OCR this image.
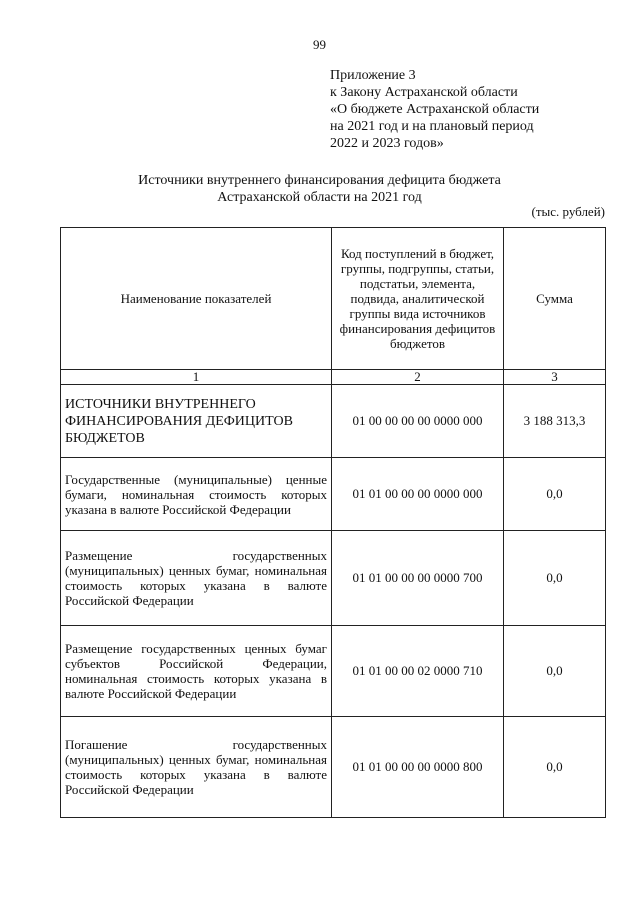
99
Приложение 3
к Закону Астраханской области
«О бюджете Астраханской области
на 2021 год и на плановый период
2022 и 2023 годов»
Источники внутреннего финансирования дефицита бюджета
Астраханской области на 2021 год
(тыс. рублей)
Наименование показателей	Код поступлений в бюджет, группы, подгруппы, статьи, подстатьи, элемента, подвида, аналитической группы вида источников финансирования дефицитов бюджетов	Сумма
1	2	3
ИСТОЧНИКИ ВНУТРЕННЕГО ФИНАНСИРОВАНИЯ ДЕФИЦИТОВ БЮДЖЕТОВ	01 00 00 00 00 0000 000	3 188 313,3
Государственные (муниципальные) ценные бумаги, номинальная стоимость которых указана в валюте Российской Федерации	01 01 00 00 00 0000 000	0,0
Размещение государственных (муниципальных) ценных бумаг, номинальная стоимость которых указана в валюте Российской Федерации	01 01 00 00 00 0000 700	0,0
Размещение государственных ценных бумаг субъектов Российской Федерации, номинальная стоимость которых указана в валюте Российской Федерации	01 01 00 00 02 0000 710	0,0
Погашение государственных (муниципальных) ценных бумаг, номинальная стоимость которых указана в валюте Российской Федерации	01 01 00 00 00 0000 800	0,0
